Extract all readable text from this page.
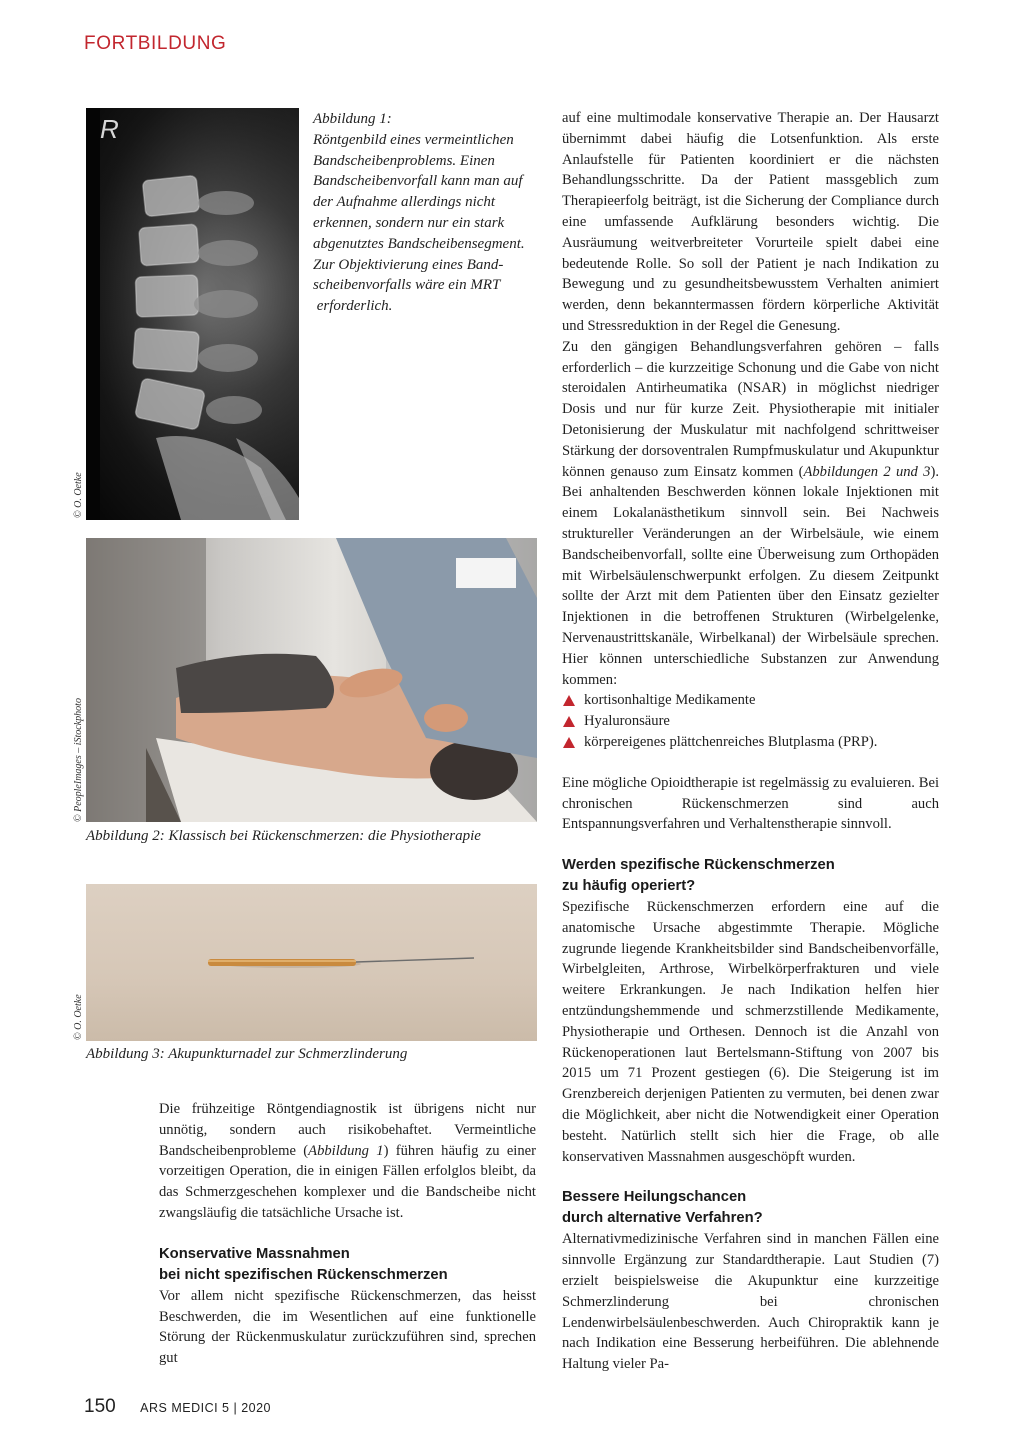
FORTBILDUNG
R
© O. Oetke
Abbildung 1:
Röntgenbild eines vermeintlichen
Bandscheibenproblems. Einen
Bandscheibenvorfall kann man auf
der Aufnahme allerdings nicht
erkennen, sondern nur ein stark
abgenutztes Bandscheibensegment.
Zur Objektivierung eines Band-
scheibenvorfalls wäre ein MRT
erforderlich.
© PeopleImages – iStockphoto
Abbildung 2: Klassisch bei Rückenschmerzen: die Physiotherapie
© O. Oetke
Abbildung 3: Akupunkturnadel zur Schmerzlinderung

Die frühzeitige Röntgendiagnostik ist übrigens nicht nur unnötig, sondern auch risikobehaftet. Vermeintliche Bandscheibenprobleme (Abbildung 1) führen häufig zu einer vorzeitigen Operation, die in einigen Fällen erfolglos bleibt, da das Schmerzgeschehen komplexer und die Bandscheibe nicht zwangsläufig die tatsächliche Ursache ist.

Konservative Massnahmen
bei nicht spezifischen Rückenschmerzen

Vor allem nicht spezifische Rückenschmerzen, das heisst Beschwerden, die im Wesentlichen auf eine funktionelle Störung der Rückenmuskulatur zurückzuführen sind, sprechen gut

auf eine multimodale konservative Therapie an. Der Hausarzt übernimmt dabei häufig die Lotsenfunktion. Als erste Anlaufstelle für Patienten koordiniert er die nächsten Behandlungsschritte. Da der Patient massgeblich zum Therapieerfolg beiträgt, ist die Sicherung der Compliance durch eine umfassende Aufklärung besonders wichtig. Die Ausräumung weitverbreiteter Vorurteile spielt dabei eine bedeutende Rolle. So soll der Patient je nach Indikation zu Bewegung und zu gesundheitsbewusstem Verhalten animiert werden, denn bekanntermassen fördern körperliche Aktivität und Stressreduktion in der Regel die Genesung.

Zu den gängigen Behandlungsverfahren gehören – falls erforderlich – die kurzzeitige Schonung und die Gabe von nicht steroidalen Antirheumatika (NSAR) in möglichst niedriger Dosis und nur für kurze Zeit. Physiotherapie mit initialer Detonisierung der Muskulatur mit nachfolgend schrittweiser Stärkung der dorsoventralen Rumpfmuskulatur und Akupunktur können genauso zum Einsatz kommen (Abbildungen 2 und 3). Bei anhaltenden Beschwerden können lokale Injektionen mit einem Lokalanästhetikum sinnvoll sein. Bei Nachweis struktureller Veränderungen an der Wirbelsäule, wie einem Bandscheibenvorfall, sollte eine Überweisung zum Orthopäden mit Wirbelsäulenschwerpunkt erfolgen. Zu diesem Zeitpunkt sollte der Arzt mit dem Patienten über den Einsatz gezielter Injektionen in die betroffenen Strukturen (Wirbelgelenke, Nervenaustrittskanäle, Wirbelkanal) der Wirbelsäule sprechen. Hier können unterschiedliche Substanzen zur Anwendung kommen:

kortisonhaltige Medikamente
Hyaluronsäure
körpereigenes plättchenreiches Blutplasma (PRP).

Eine mögliche Opioidtherapie ist regelmässig zu evaluieren. Bei chronischen Rückenschmerzen sind auch Entspannungsverfahren und Verhaltenstherapie sinnvoll.

Werden spezifische Rückenschmerzen
zu häufig operiert?

Spezifische Rückenschmerzen erfordern eine auf die anatomische Ursache abgestimmte Therapie. Mögliche zugrunde liegende Krankheitsbilder sind Bandscheibenvorfälle, Wirbelgleiten, Arthrose, Wirbelkörperfrakturen und viele weitere Erkrankungen. Je nach Indikation helfen hier entzündungshemmende und schmerzstillende Medikamente, Physiotherapie und Orthesen. Dennoch ist die Anzahl von Rückenoperationen laut Bertelsmann-Stiftung von 2007 bis 2015 um 71 Prozent gestiegen (6). Die Steigerung ist im Grenzbereich derjenigen Patienten zu vermuten, bei denen zwar die Möglichkeit, aber nicht die Notwendigkeit einer Operation besteht. Natürlich stellt sich hier die Frage, ob alle konservativen Massnahmen ausgeschöpft wurden.

Bessere Heilungschancen
durch alternative Verfahren?

Alternativmedizinische Verfahren sind in manchen Fällen eine sinnvolle Ergänzung zur Standardtherapie. Laut Studien (7) erzielt beispielsweise die Akupunktur eine kurzzeitige Schmerzlinderung bei chronischen Lendenwirbelsäulenbeschwerden. Auch Chiropraktik kann je nach Indikation eine Besserung herbeiführen. Die ablehnende Haltung vieler Pa-

150 ARS MEDICI 5 | 2020
